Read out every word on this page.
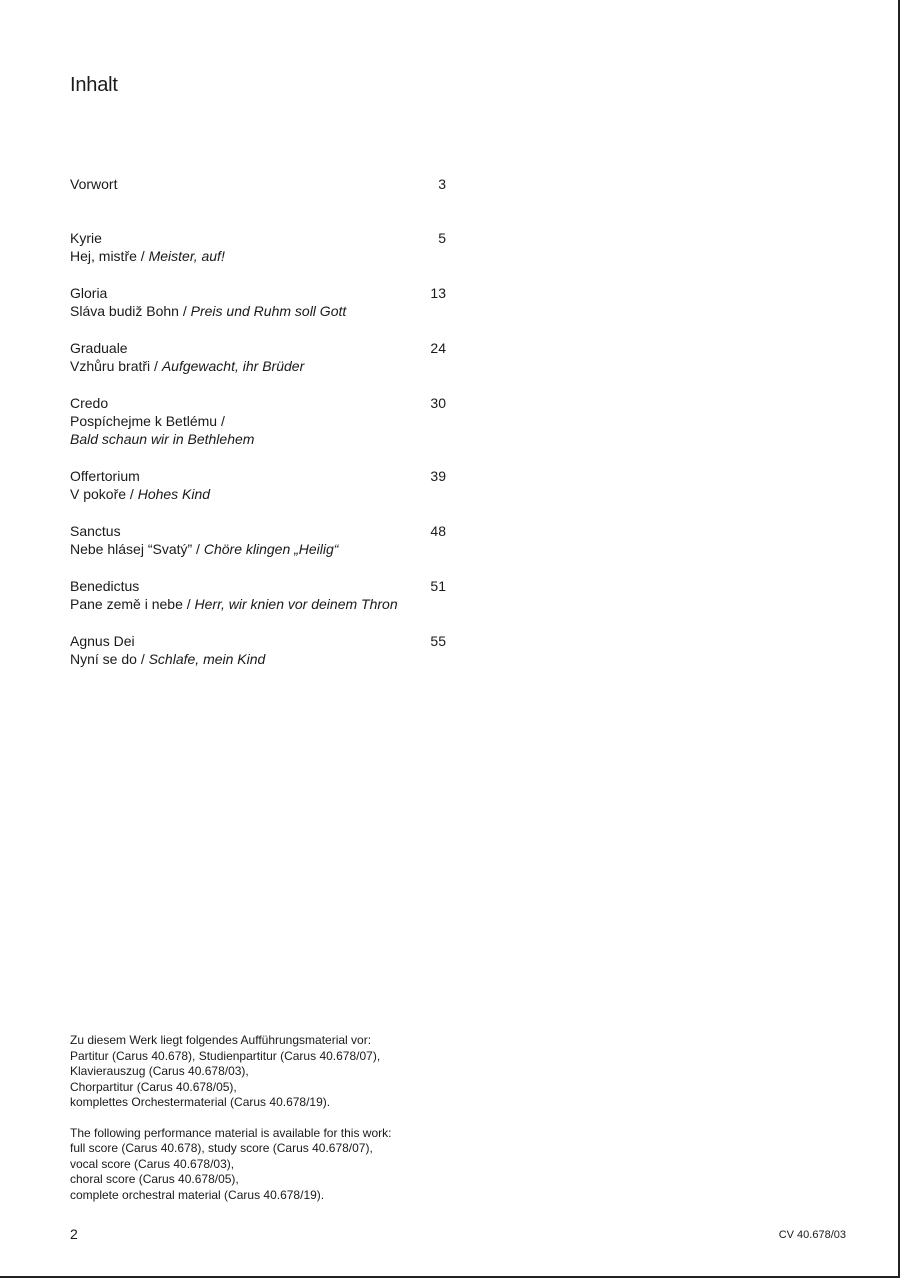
Inhalt
Vorwort	3
Kyrie	5
Hej, mistře / Meister, auf!
Gloria	13
Sláva budiž Bohn / Preis und Ruhm soll Gott
Graduale	24
Vzhůru bratři / Aufgewacht, ihr Brüder
Credo	30
Pospíchejme k Betlému /
Bald schaun wir in Bethlehem
Offertorium	39
V pokoře / Hohes Kind
Sanctus	48
Nebe hlásej “Svatý” / Chöre klingen „Heilig“
Benedictus	51
Pane země i nebe / Herr, wir knien vor deinem Thron
Agnus Dei	55
Nyní se do / Schlafe, mein Kind

Zu diesem Werk liegt folgendes Aufführungsmaterial vor:
Partitur (Carus 40.678), Studienpartitur (Carus 40.678/07),
Klavierauszug (Carus 40.678/03),
Chorpartitur (Carus 40.678/05),
komplettes Orchestermaterial (Carus 40.678/19).

The following performance material is available for this work:
full score (Carus 40.678), study score (Carus 40.678/07),
vocal score (Carus 40.678/03),
choral score (Carus 40.678/05),
complete orchestral material (Carus 40.678/19).

2	CV 40.678/03
